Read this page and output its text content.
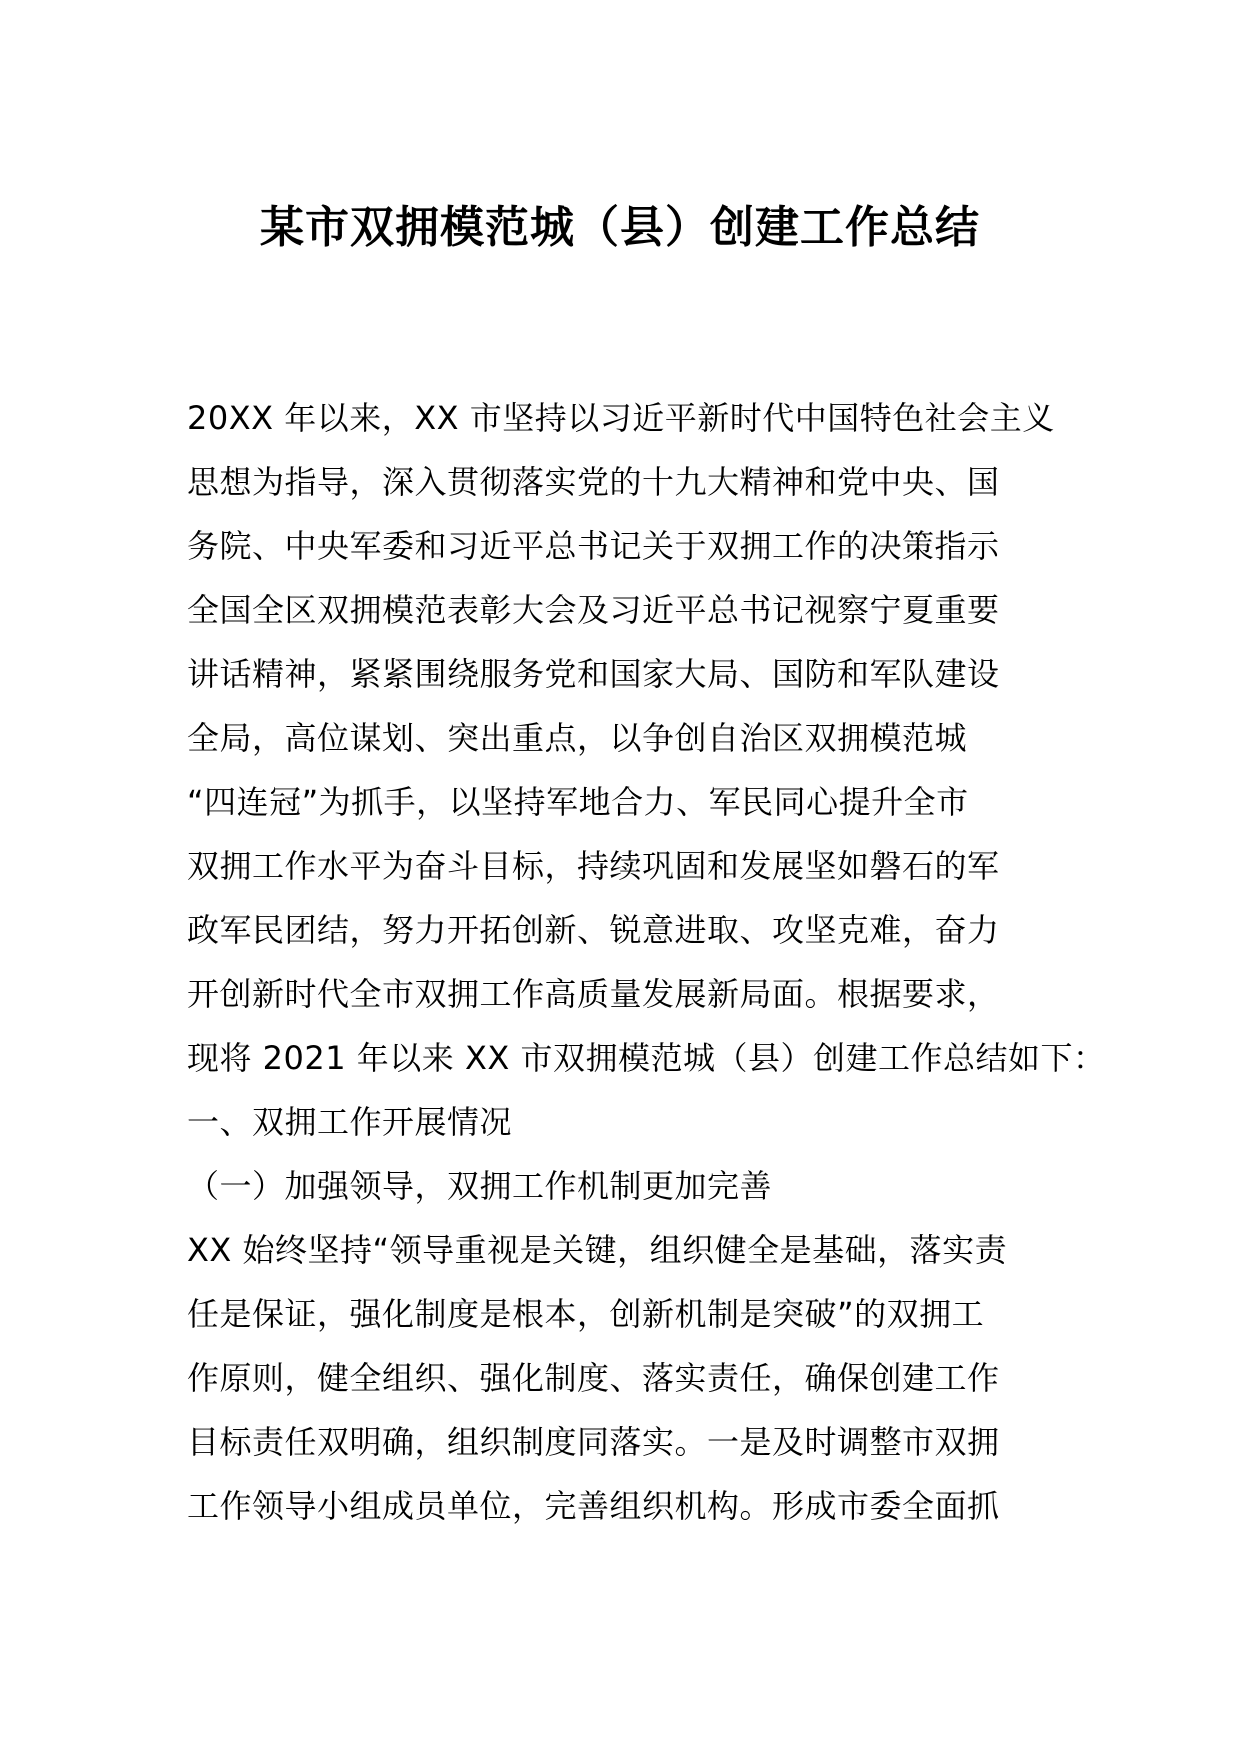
某市双拥模范城（县）创建工作总结
20XX 年以来，XX 市坚持以习近平新时代中国特色社会主义
思想为指导，深入贯彻落实党的十九大精神和党中央、国
务院、中央军委和习近平总书记关于双拥工作的决策指示
全国全区双拥模范表彰大会及习近平总书记视察宁夏重要
讲话精神，紧紧围绕服务党和国家大局、国防和军队建设
全局，高位谋划、突出重点，以争创自治区双拥模范城
“四连冠”为抓手，以坚持军地合力、军民同心提升全市
双拥工作水平为奋斗目标，持续巩固和发展坚如磐石的军
政军民团结，努力开拓创新、锐意进取、攻坚克难，奋力
开创新时代全市双拥工作高质量发展新局面。根据要求，
现将 2021 年以来 XX 市双拥模范城（县）创建工作总结如下：
一、双拥工作开展情况
（一）加强领导，双拥工作机制更加完善
XX 始终坚持“领导重视是关键，组织健全是基础，落实责
任是保证，强化制度是根本，创新机制是突破”的双拥工
作原则，健全组织、强化制度、落实责任，确保创建工作
目标责任双明确，组织制度同落实。一是及时调整市双拥
工作领导小组成员单位，完善组织机构。形成市委全面抓
